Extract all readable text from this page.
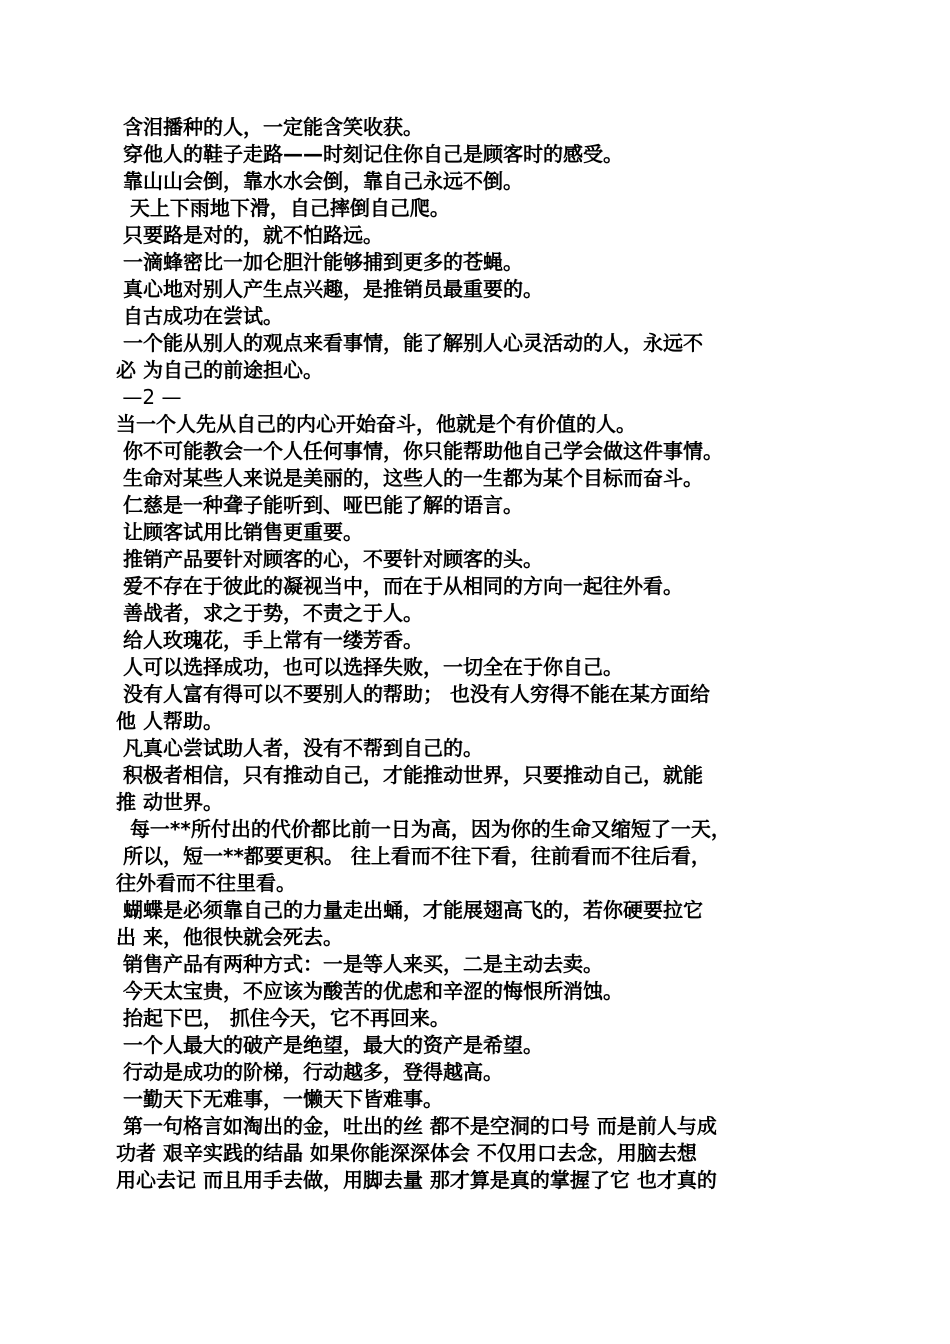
含泪播种的人，一定能含笑收获。
穿他人的鞋子走路——时刻记住你自己是顾客时的感受。
靠山山会倒，靠水水会倒，靠自己永远不倒。
天上下雨地下滑，自己摔倒自己爬。
只要路是对的，就不怕路远。
一滴蜂密比一加仑胆汁能够捕到更多的苍蝇。
真心地对别人产生点兴趣，是推销员最重要的。
自古成功在尝试。
一个能从别人的观点来看事情，能了解别人心灵活动的人，永远不
必 为自己的前途担心。
—2 —
当一个人先从自己的内心开始奋斗，他就是个有价值的人。
你不可能教会一个人任何事情，你只能帮助他自己学会做这件事情。
生命对某些人来说是美丽的，这些人的一生都为某个目标而奋斗。
仁慈是一种聋子能听到、哑巴能了解的语言。
让顾客试用比销售更重要。
推销产品要针对顾客的心，不要针对顾客的头。
爱不存在于彼此的凝视当中，而在于从相同的方向一起往外看。
善战者，求之于势，不责之于人。
给人玫瑰花，手上常有一缕芳香。
人可以选择成功，也可以选择失败，一切全在于你自己。
没有人富有得可以不要别人的帮助； 也没有人穷得不能在某方面给
他 人帮助。
凡真心尝试助人者，没有不帮到自己的。
积极者相信，只有推动自己，才能推动世界，只要推动自己，就能
推 动世界。
每一**所付出的代价都比前一日为高，因为你的生命又缩短了一天，
所以，短一**都要更积。 往上看而不往下看，往前看而不往后看，
往外看而不往里看。
蝴蝶是必须靠自己的力量走出蛹，才能展翅高飞的，若你硬要拉它
出 来，他很快就会死去。
销售产品有两种方式：一是等人来买，二是主动去卖。
今天太宝贵，不应该为酸苦的优虑和辛涩的悔恨所消蚀。
抬起下巴， 抓住今天，它不再回来。
一个人最大的破产是绝望，最大的资产是希望。
行动是成功的阶梯，行动越多，登得越高。
一勤天下无难事，一懒天下皆难事。
第一句格言如淘出的金，吐出的丝 都不是空洞的口号 而是前人与成
功者 艰辛实践的结晶 如果你能深深体会 不仅用口去念，用脑去想
用心去记 而且用手去做，用脚去量 那才算是真的掌握了它 也才真的
